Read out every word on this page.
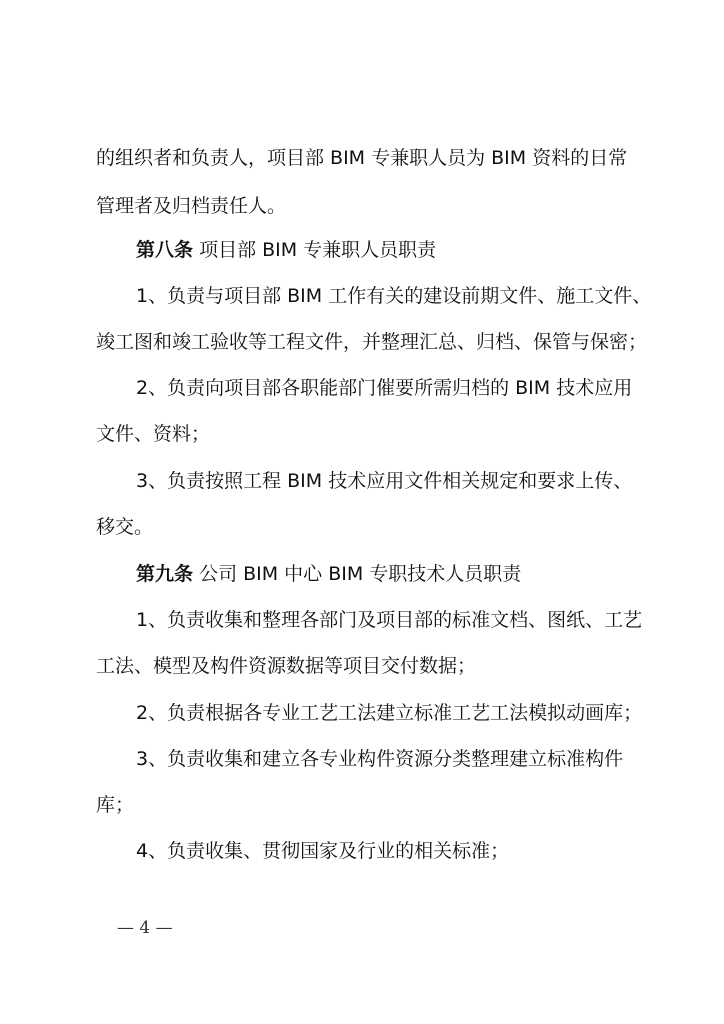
的组织者和负责人，项目部 BIM 专兼职人员为 BIM 资料的日常
管理者及归档责任人。
第八条 项目部 BIM 专兼职人员职责
1、负责与项目部 BIM 工作有关的建设前期文件、施工文件、
竣工图和竣工验收等工程文件，并整理汇总、归档、保管与保密；
2、负责向项目部各职能部门催要所需归档的 BIM 技术应用
文件、资料；
3、负责按照工程 BIM 技术应用文件相关规定和要求上传、
移交。
第九条 公司 BIM 中心 BIM 专职技术人员职责
1、负责收集和整理各部门及项目部的标准文档、图纸、工艺
工法、模型及构件资源数据等项目交付数据；
2、负责根据各专业工艺工法建立标准工艺工法模拟动画库；
3、负责收集和建立各专业构件资源分类整理建立标准构件
库；
4、负责收集、贯彻国家及行业的相关标准；
— 4 —
